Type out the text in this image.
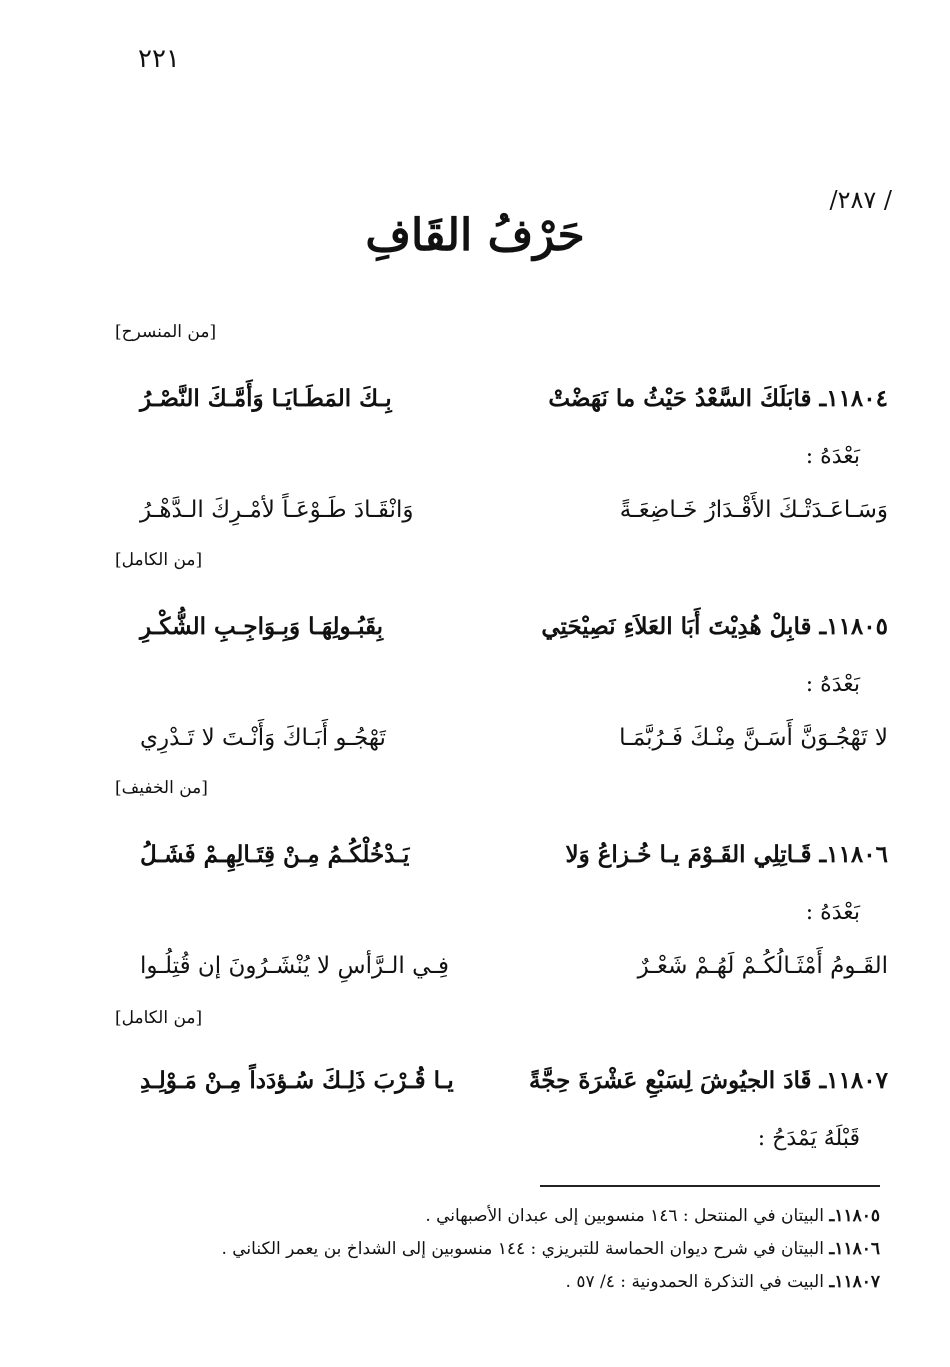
٢٢١
/ ٢٨٧/
حَرْفُ القَافِ
[من المنسرح]
١١٨٠٤ـ قابَلَكَ السَّعْدُ حَيْثُ ما نَهَضْتْ
بِـكَ المَطَـايَـا وَأَمَّـكَ النَّصْـرُ
بَعْدَهُ :
وَسَـاعَـدَتْـكَ الأَقْـدَارُ خَـاضِعَـةً
وَانْقَـادَ طَـوْعَـاً لأمْـرِكَ الـدَّهْـرُ
[من الكامل]
١١٨٠٥ـ قابِلْ هُدِيْتَ أَبَا العَلاَءِ نَصِيْحَتِي
بِقَبُـولِهَـا وَبِـوَاجِـبِ الشُّكْـرِ
بَعْدَهُ :
لا تَهْجُـوَنَّ أَسَـنَّ مِنْـكَ فَـرُبَّمَـا
تَهْجُـو أَبَـاكَ وَأَنْـتَ لا تَـدْرِي
[من الخفيف]
١١٨٠٦ـ قَـاتِلِي القَـوْمَ يـا خُـزاعُ وَلا
يَـدْخُلْكُـمُ مِـنْ قِتَـالِهِـمْ فَشَـلُ
بَعْدَهُ :
القَـومُ أَمْثَـالُكُـمْ لَهُـمْ شَعْـرٌ
فِـي الـرَّأسِ لا يُنْشَـرُونَ إن قُتِلُـوا
[من الكامل]
١١٨٠٧ـ قَادَ الجيُوشَ لِسَبْعِ عَشْرَةَ حِجَّةً
يـا قُـرْبَ ذَلِـكَ سُـؤدَداً مِـنْ مَـوْلِـدِ
قَبْلَهُ يَمْدَحُ :
١١٨٠٥ـ البيتان في المنتحل : ١٤٦ منسوبين إلى عبدان الأصبهاني .
١١٨٠٦ـ البيتان في شرح ديوان الحماسة للتبريزي : ١٤٤ منسوبين إلى الشداخ بن يعمر الكناني .
١١٨٠٧ـ البيت في التذكرة الحمدونية : ٤/ ٥٧ .
